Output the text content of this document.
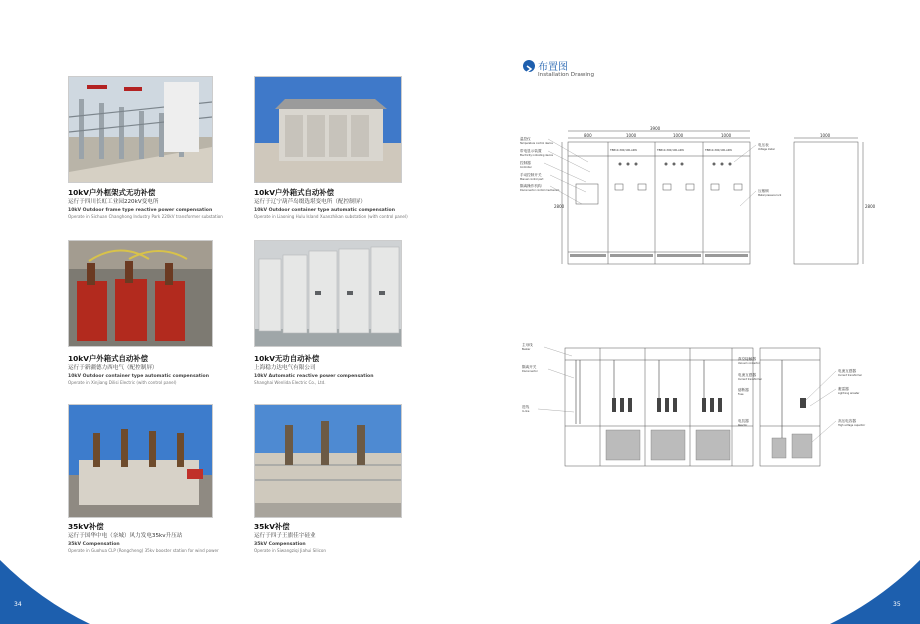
34	35
10kV户外框架式无功补偿
运行于四川长虹工业园220kV变电所
10kV Outdoor frame type reactive power compensation
Operate in Sichuan Changhong Industry Park 220kV transformer substation
10kV户外箱式自动补偿
运行于辽宁葫芦岛缀选堪变电所（配控制屏）
10kV Outdoor container type automatic compensation
Operate in Liaoning Hulu Island Xuanzhikan substation (with control panel)
10kV户外箱式自动补偿
运行于新疆德力西电气（配控制屏）
10kV Outdoor container type automatic compensation
Operate in Xinjiang Dilisi Electric (with control panel)
10kV无功自动补偿
上海稳力达电气有限公司
10kV Automatic reactive power compensation
Shanghai Wenlida Electric Co., Ltd.
35kV补偿
运行于国华中电（奈城）风力发电35kv升压站
35kV Compensation
Operate in Guohua CLP (Rongcheng) 35kv booster station for wind power
35kV补偿
运行于四子王旗佳宇硅业
35kV Compensation
Operate in Siwangziqi Jiahui Silicon
布置图
Installation Drawing
3900
800	1000	1000	1000	1000
2800	2800
TBB10-300/100-AKW	TBB10-300/100-AKW	TBB10-300/100-AKW
温控仪
Temperature control device
带电显示装置
Electricity indicating device
控制器
Controller
手动控制开关
Manual control part
隔离操作机构
Disconnector control mechanism
电压表
Voltage meter
压敏铜
Metal pressure lock
主母线
Busbar
隔离开关
Disconnector
进线
In-line
真空接触器
Vacuum contactor
电流互感器
Current transformer
熔断器
Fuse
电抗器
Reactor
电流互感器
Current transformer
避雷器
Lightning arrester
高压电容器
High voltage capacitor
